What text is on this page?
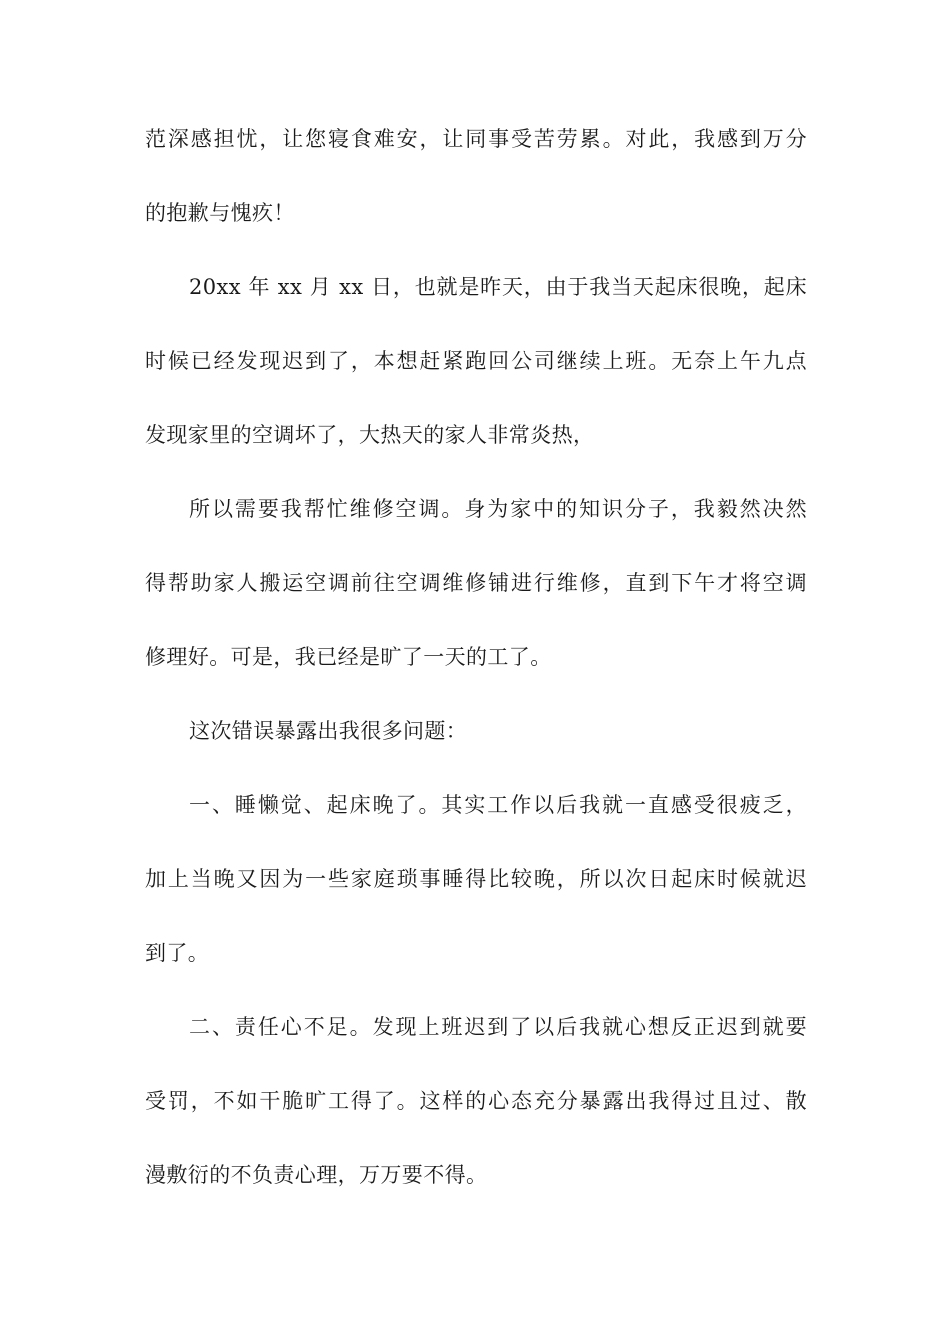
范深感担忧，让您寝食难安，让同事受苦劳累。对此，我感到万分
的抱歉与愧疚！
20xx 年 xx 月 xx 日，也就是昨天，由于我当天起床很晚，起床
时候已经发现迟到了，本想赶紧跑回公司继续上班。无奈上午九点
发现家里的空调坏了，大热天的家人非常炎热，
所以需要我帮忙维修空调。身为家中的知识分子，我毅然决然
得帮助家人搬运空调前往空调维修铺进行维修，直到下午才将空调
修理好。可是，我已经是旷了一天的工了。
这次错误暴露出我很多问题：
一、睡懒觉、起床晚了。其实工作以后我就一直感受很疲乏，
加上当晚又因为一些家庭琐事睡得比较晚，所以次日起床时候就迟
到了。
二、责任心不足。发现上班迟到了以后我就心想反正迟到就要
受罚，不如干脆旷工得了。这样的心态充分暴露出我得过且过、散
漫敷衍的不负责心理，万万要不得。
